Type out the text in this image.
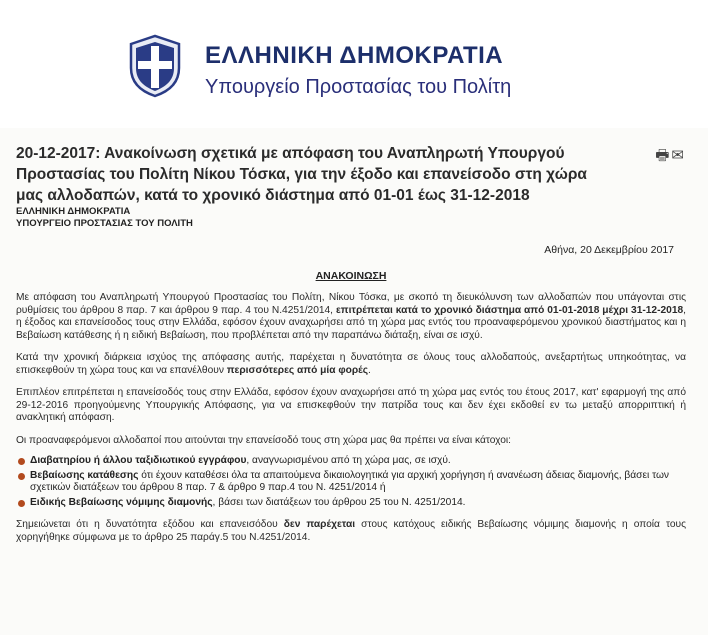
ΕΛΛΗΝΙΚΗ ΔΗΜΟΚΡΑΤΙΑ
Υπουργείο Προστασίας του Πολίτη
🖶 ✉
20-12-2017: Ανακοίνωση σχετικά με απόφαση του Αναπληρωτή Υπουργού Προστασίας του Πολίτη Νίκου Τόσκα, για την έξοδο και επανείσοδο στη χώρα μας αλλοδαπών, κατά το χρονικό διάστημα από 01-01 έως 31-12-2018
ΕΛΛΗΝΙΚΗ ΔΗΜΟΚΡΑΤΙΑ
ΥΠΟΥΡΓΕΙΟ ΠΡΟΣΤΑΣΙΑΣ ΤΟΥ ΠΟΛΙΤΗ
Αθήνα, 20 Δεκεμβρίου 2017
ΑΝΑΚΟΙΝΩΣΗ

Με απόφαση του Αναπληρωτή Υπουργού Προστασίας του Πολίτη, Νίκου Τόσκα, με σκοπό τη διευκόλυνση των αλλοδαπών που υπάγονται στις ρυθμίσεις του άρθρου 8 παρ. 7 και άρθρου 9 παρ. 4 του Ν.4251/2014, επιτρέπεται κατά το χρονικό διάστημα από 01-01-2018 μέχρι 31-12-2018, η έξοδος και επανείσοδος τους στην Ελλάδα, εφόσον έχουν αναχωρήσει από τη χώρα μας εντός του προαναφερόμενου χρονικού διαστήματος και η Βεβαίωση κατάθεσης ή η ειδική Βεβαίωση, που προβλέπεται από την παραπάνω διάταξη, είναι σε ισχύ.

Κατά την χρονική διάρκεια ισχύος της απόφασης αυτής, παρέχεται η δυνατότητα σε όλους τους αλλοδαπούς, ανεξαρτήτως υπηκοότητας, να επισκεφθούν τη χώρα τους και να επανέλθουν περισσότερες από μία φορές.

Επιπλέον επιτρέπεται η επανείσοδός τους στην Ελλάδα, εφόσον έχουν αναχωρήσει από τη χώρα μας εντός του έτους 2017, κατ' εφαρμογή της από 29-12-2016 προηγούμενης Υπουργικής Απόφασης, για να επισκεφθούν την πατρίδα τους και δεν έχει εκδοθεί εν τω μεταξύ απορριπτική ή ανακλητική απόφαση.

Οι προαναφερόμενοι αλλοδαποί που αιτούνται την επανείσοδό τους στη χώρα μας θα πρέπει να είναι κάτοχοι:

Διαβατηρίου ή άλλου ταξιδιωτικού εγγράφου, αναγνωρισμένου από τη χώρα μας, σε ισχύ.
Βεβαίωσης κατάθεσης ότι έχουν καταθέσει όλα τα απαιτούμενα δικαιολογητικά για αρχική χορήγηση ή ανανέωση άδειας διαμονής, βάσει των σχετικών διατάξεων του άρθρου 8 παρ. 7 & άρθρο 9 παρ.4 του Ν. 4251/2014 ή
Ειδικής Βεβαίωσης νόμιμης διαμονής, βάσει των διατάξεων του άρθρου 25 του Ν. 4251/2014.

Σημειώνεται ότι η δυνατότητα εξόδου και επανεισόδου δεν παρέχεται στους κατόχους ειδικής Βεβαίωσης νόμιμης διαμονής η οποία τους χορηγήθηκε σύμφωνα με το άρθρο 25 παράγ.5 του Ν.4251/2014.
